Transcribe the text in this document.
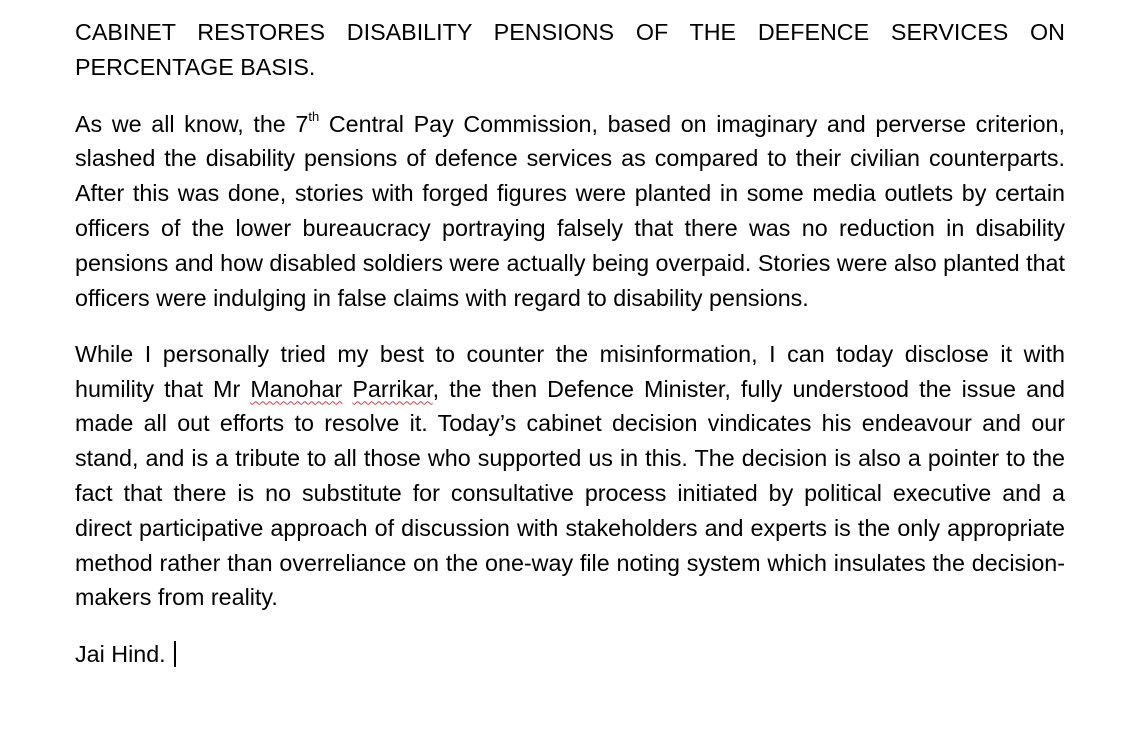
CABINET RESTORES DISABILITY PENSIONS OF THE DEFENCE SERVICES ON PERCENTAGE BASIS.

As we all know, the 7th Central Pay Commission, based on imaginary and perverse criterion, slashed the disability pensions of defence services as compared to their civilian counterparts. After this was done, stories with forged figures were planted in some media outlets by certain officers of the lower bureaucracy portraying falsely that there was no reduction in disability pensions and how disabled soldiers were actually being overpaid. Stories were also planted that officers were indulging in false claims with regard to disability pensions.

While I personally tried my best to counter the misinformation, I can today disclose it with humility that Mr Manohar Parrikar, the then Defence Minister, fully understood the issue and made all out efforts to resolve it. Today’s cabinet decision vindicates his endeavour and our stand, and is a tribute to all those who supported us in this. The decision is also a pointer to the fact that there is no substitute for consultative process initiated by political executive and a direct participative approach of discussion with stakeholders and experts is the only appropriate method rather than overreliance on the one-way file noting system which insulates the decision-makers from reality.

Jai Hind.
